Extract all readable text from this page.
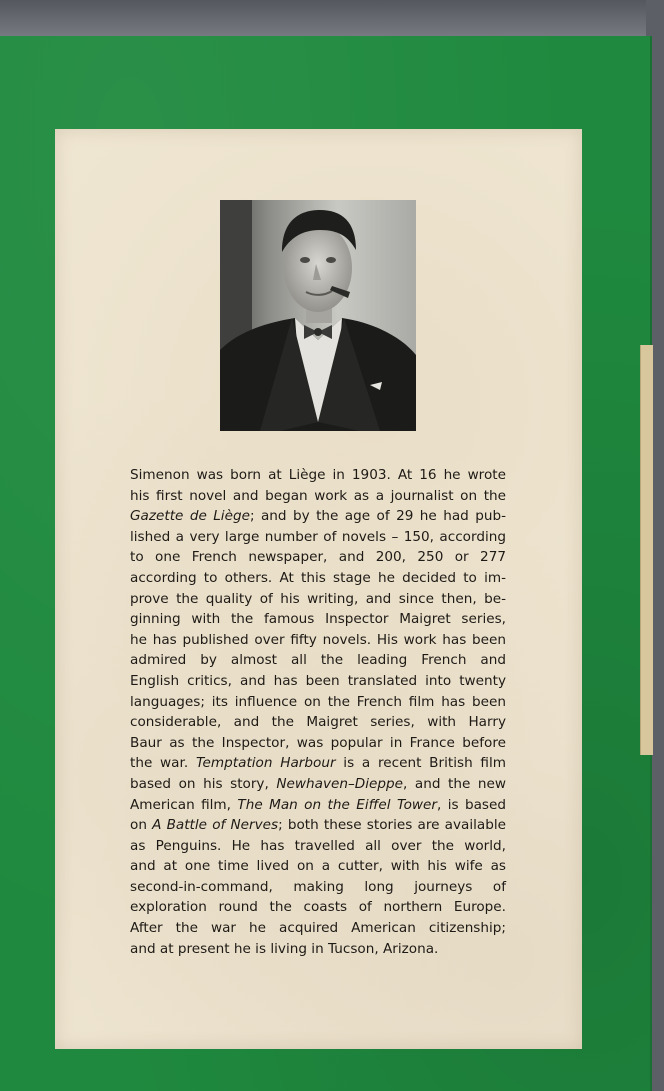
Simenon was born at Liège in 1903. At 16 he wrote
his first novel and began work as a journalist on the
Gazette de Liège; and by the age of 29 he had pub-
lished a very large number of novels – 150, according
to one French newspaper, and 200, 250 or 277
according to others. At this stage he decided to im-
prove the quality of his writing, and since then, be-
ginning with the famous Inspector Maigret series,
he has published over fifty novels. His work has been
admired by almost all the leading French and
English critics, and has been translated into twenty
languages; its influence on the French film has been
considerable, and the Maigret series, with Harry
Baur as the Inspector, was popular in France before
the war. Temptation Harbour is a recent British film
based on his story, Newhaven–Dieppe, and the new
American film, The Man on the Eiffel Tower, is based
on A Battle of Nerves; both these stories are available
as Penguins. He has travelled all over the world,
and at one time lived on a cutter, with his wife as
second-in-command, making long journeys of
exploration round the coasts of northern Europe.
After the war he acquired American citizenship;
and at present he is living in Tucson, Arizona.
